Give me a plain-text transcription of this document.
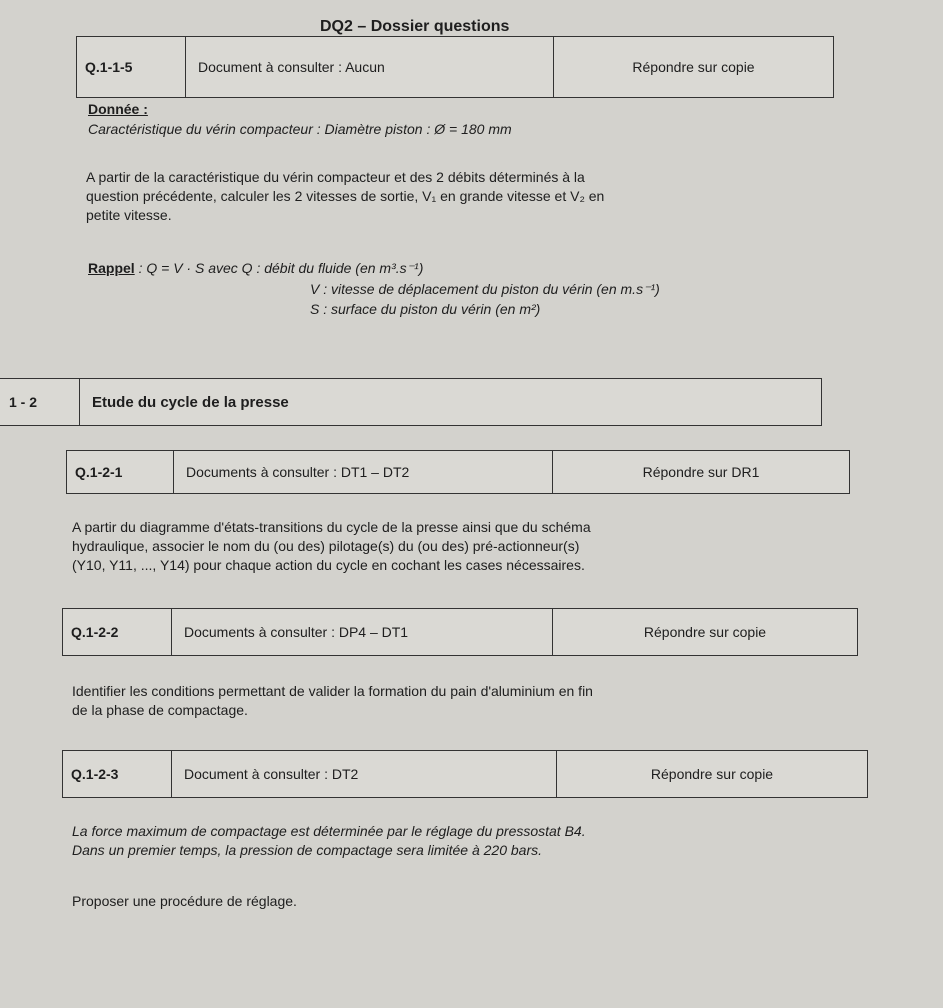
DQ2 – Dossier questions
Q.1-1-5	Document à consulter : Aucun	Répondre sur copie
Donnée :
Caractéristique du vérin compacteur : Diamètre piston : Ø = 180 mm
A partir de la caractéristique du vérin compacteur et des 2 débits déterminés à la
question précédente, calculer les 2 vitesses de sortie, V₁ en grande vitesse et V₂ en
petite vitesse.
Rappel : Q = V · S avec Q : débit du fluide (en m³.s⁻¹)
V : vitesse de déplacement du piston du vérin (en m.s⁻¹)
S : surface du piston du vérin (en m²)
1 - 2	Etude du cycle de la presse
Q.1-2-1	Documents à consulter : DT1 – DT2	Répondre sur DR1
A partir du diagramme d'états-transitions du cycle de la presse ainsi que du schéma
hydraulique, associer le nom du (ou des) pilotage(s) du (ou des) pré-actionneur(s)
(Y10, Y11, ..., Y14) pour chaque action du cycle en cochant les cases nécessaires.
Q.1-2-2	Documents à consulter : DP4 – DT1	Répondre sur copie
Identifier les conditions permettant de valider la formation du pain d'aluminium en fin
de la phase de compactage.
Q.1-2-3	Document à consulter : DT2	Répondre sur copie
La force maximum de compactage est déterminée par le réglage du pressostat B4.
Dans un premier temps, la pression de compactage sera limitée à 220 bars.
Proposer une procédure de réglage.
